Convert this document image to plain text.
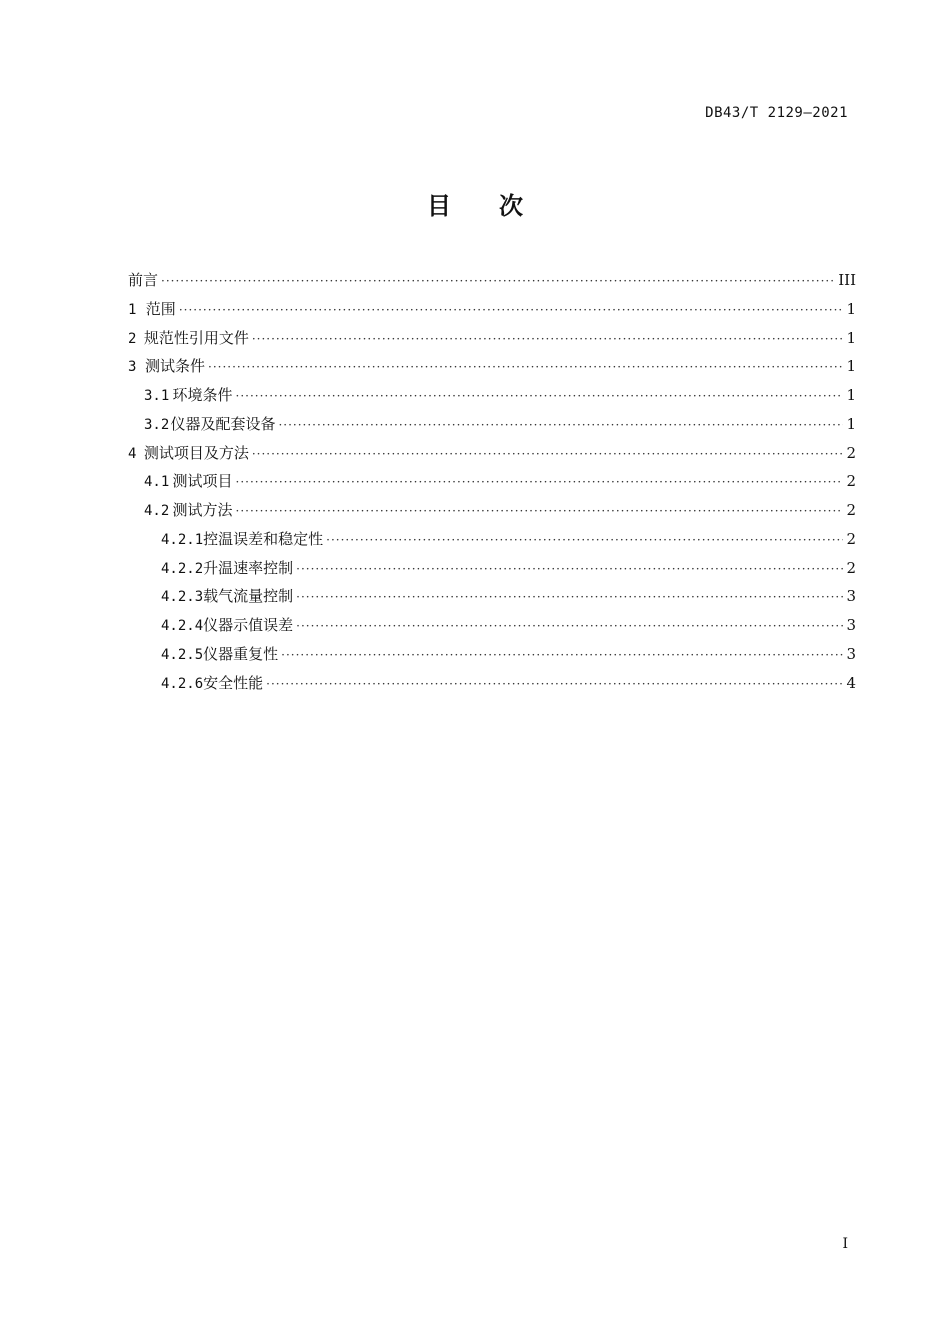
DB43/T 2129—2021
目 次
前言 ·····	III
1 范围 ·····	1
2 规范性引用文件 ·····	1
3 测试条件 ·····	1
3.1 环境条件 ·····	1
3.2 仪器及配套设备 ·····	1
4 测试项目及方法 ·····	2
4.1 测试项目 ·····	2
4.2 测试方法 ·····	2
4.2.1 控温误差和稳定性 ·····	2
4.2.2 升温速率控制 ·····	2
4.2.3 载气流量控制 ·····	3
4.2.4 仪器示值误差 ·····	3
4.2.5 仪器重复性 ·····	3
4.2.6 安全性能 ·····	4
I
